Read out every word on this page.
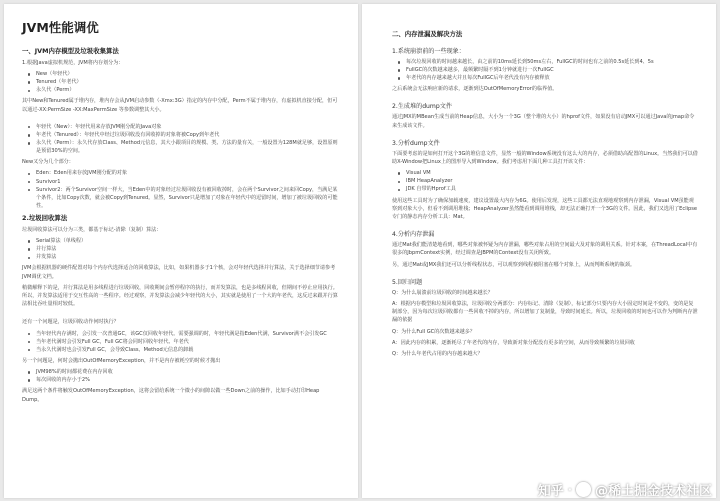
JVM性能调优
一、JVM内存模型及垃圾收集算法
1.根据Java虚拟机规范，JVM将内存划分为：
New（年轻代）
Tenured（年老代）
永久代（Perm）
其中New和Tenured属于堆内存，堆内存会从JVM启动参数（-Xmx:3G）指定的内存中分配，Perm不属于堆内存，有虚拟机直接分配，但可以通过-XX:PermSize -XX:MaxPermSize 等参数调整其大小。
年轻代（New）：年轻代用来存放JVM刚分配的Java对象
年老代（Tenured）：年轻代中经过垃圾回收没有回收掉的对象将被Copy到年老代
永久代（Perm）：永久代存放Class、Method元信息，其大小跟项目的规模、类、方法的量有关，一般设置为128M就足够，设置原则是预留30%的空间。
New又分为几个部分：
Eden：Eden用来存放JVM刚分配的对象
Survivor1
Survivor2：两个Survivor空间一样大，当Eden中的对象经过垃圾回收没有被回收掉时，会在两个Survivor之间来回Copy，当满足某个条件，比如Copy次数，就会被Copy到Tenured。显然，Survivor只是增加了对象在年轻代中的逗留时间，增加了被垃圾回收的可能性。
2.垃圾回收算法
垃圾回收算法可以分为三类，都基于标记-清除（复制）算法：
Serial算法（单线程）
并行算法
并发算法
JVM会根据机器的硬件配置对每个内存代选择适合的回收算法，比如，如果机器多于1个核，会对年轻代选择并行算法，关于选择细节请参考JVM调优文档。
稍微解释下的是，并行算法是用多线程进行垃圾回收，回收期间会暂停程序的执行，而并发算法，也是多线程回收，但期间不停止应用执行。所以，并发算法适用于交互性高的一些程序。经过观察，并发算法会减少年轻代的大小，其实就是使用了一个大的年老代，这反过来跟并行算法相比吞吐量相对较低。
还有一个问题是，垃圾回收动作何时执行？
当年轻代内存满时，会引发一次普通GC，该GC仅回收年轻代。需要强调的时，年轻代满是指Eden代满，Survivor满不会引发GC
当年老代满时会引发Full GC，Full GC将会同时回收年轻代、年老代
当永久代满时也会引发Full GC，会导致Class、Method元信息的卸载
另一个问题是，何时会抛出OutOfMemoryException，并不是内存被耗空的时候才抛出
JVM98%的时间都花费在内存回收
每次回收的内存小于2%
满足这两个条件将触发OutOfMemoryException，这将会留给系统一个微小的间隙以做一些Down之前的操作，比如手动打印Heap Dump。
二、内存泄漏及解决方法
1.系统崩溃前的一些现象：
每次垃圾回收的时间越来越长，由之前的10ms延长到50ms左右，FullGC的时间也有之前的0.5s延长到4、5s
FullGC的次数越来越多，最频繁时隔不到1分钟就进行一次FullGC
年老代的内存越来越大并且每次FullGC后年老代没有内存被释放
之后系统会无法响应新的请求，逐渐到达OutOfMemoryError的临界值。
2.生成堆的dump文件
通过JMX的MBean生成当前的Heap信息，大小为一个3G（整个堆的大小）的hprof文件，如果没有启动JMX可以通过Java的jmap命令来生成该文件。
3.分析dump文件
下面要考虑的是如何打开这个3G的堆信息文件，显然一般的Window系统没有这么大的内存，必须借助高配置的Linux。当然我们可以借助X-Window把Linux上的图形导入到Window。我们考虑用下面几种工具打开该文件：
Visual VM
IBM HeapAnalyzer
JDK 自带的Hprof工具
使用这些工具时为了确保加载速度，建议设置最大内存为6G。使用后发现，这些工具都无法直观地观察到内存泄漏，Visual VM虽能观察到对象大小，但看不到调用堆栈；HeapAnalyzer虽然能看到调用堆栈，却无法正确打开一个3G的文件。因此，我们又选用了Eclipse专门的静态内存分析工具：Mat。
4.分析内存泄漏
通过Mat我们能清楚地看到，哪些对象被怀疑为内存泄漏，哪些对象占用的空间最大及对象的调用关系。针对本案，在ThreadLocal中有很多的JbpmContext实例，经过调查是JBPM的Context没有关闭所致。
另，通过Mat或JMX我们还可以分析线程状态，可以观察到线程被阻塞在哪个对象上，从而判断系统的瓶颈。
5.回归问题
Q：为什么崩溃前垃圾回收的时间越来越长？
A：根据内存模型和垃圾回收算法，垃圾回收分两部分：内存标记、清除（复制），标记部分只要内存大小固定时间是不变的，变的是复制部分，因为每次垃圾回收都有一些回收不掉的内存，所以增加了复制量，导致时间延长。所以，垃圾回收的时间也可以作为判断内存泄漏的依据
Q：为什么Full GC的次数越来越多？
A：因此内存的积累，逐渐耗尽了年老代的内存，导致新对象分配没有更多的空间，从而导致频繁的垃圾回收
Q：为什么年老代占用的内存越来越大？
知乎 · @稀土掘金技术社区
